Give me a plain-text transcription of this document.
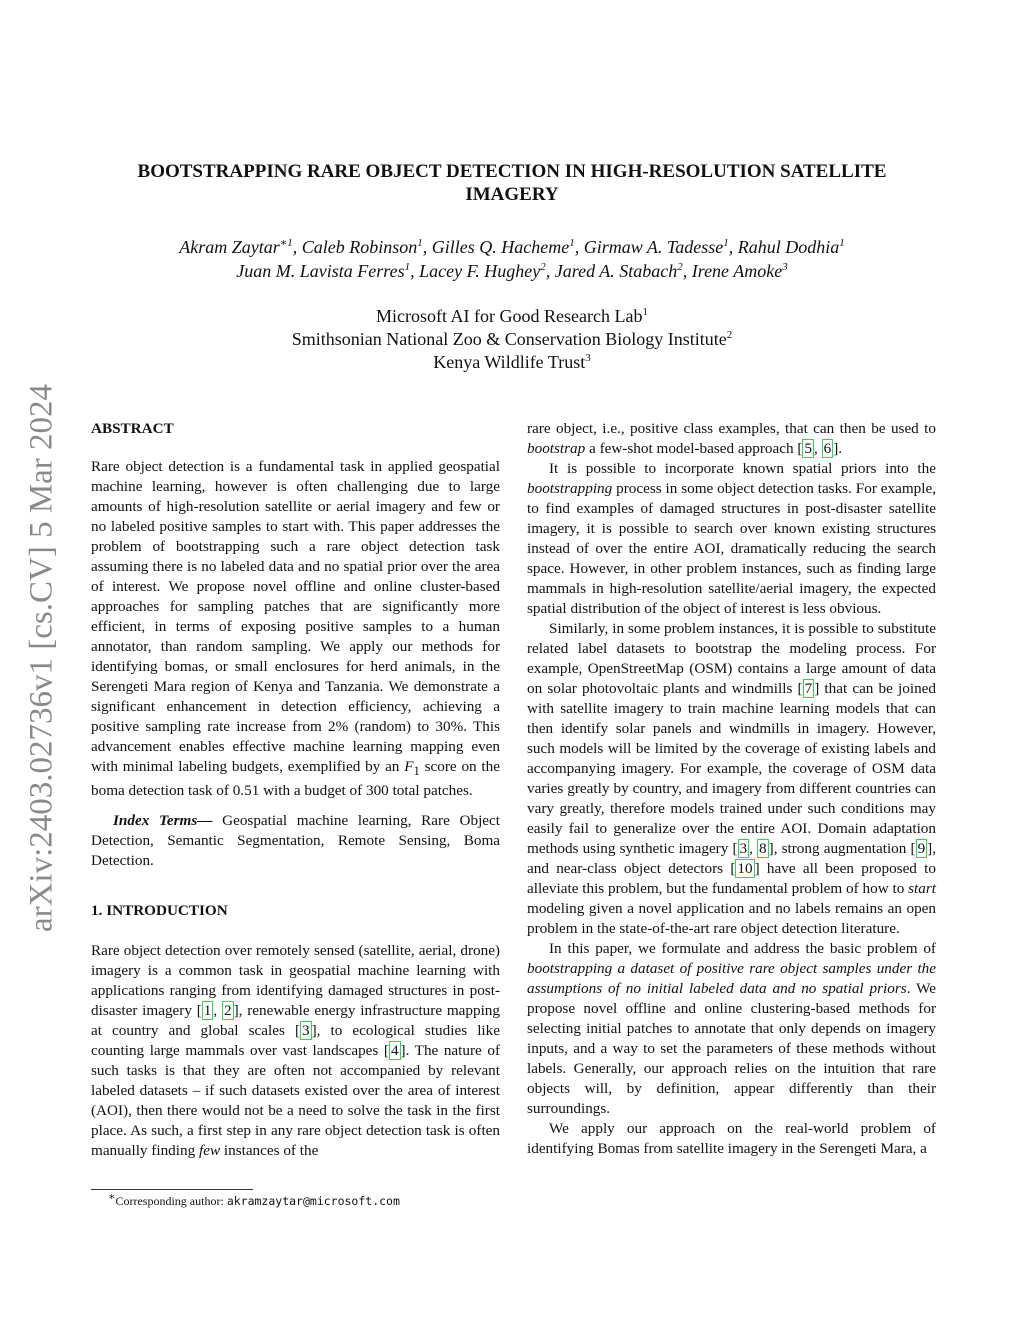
arXiv:2403.02736v1 [cs.CV] 5 Mar 2024
BOOTSTRAPPING RARE OBJECT DETECTION IN HIGH-RESOLUTION SATELLITE
IMAGERY
Akram Zaytar$^{∗1}$, Caleb Robinson$^1$, Gilles Q. Hacheme$^1$, Girmaw A. Tadesse$^1$, Rahul Dodhia$^1$
Juan M. Lavista Ferres$^1$, Lacey F. Hughey$^2$, Jared A. Stabach$^2$, Irene Amoke$^3$
Microsoft AI for Good Research Lab$^1$
Smithsonian National Zoo & Conservation Biology Institute$^2$
Kenya Wildlife Trust$^3$

ABSTRACT

Rare object detection is a fundamental task in applied geospatial machine learning, however is often challenging due to large amounts of high-resolution satellite or aerial imagery and few or no labeled positive samples to start with. This paper addresses the problem of bootstrapping such a rare object detection task assuming there is no labeled data and no spatial prior over the area of interest. We propose novel offline and online cluster-based approaches for sampling patches that are significantly more efficient, in terms of exposing positive samples to a human annotator, than random sampling. We apply our methods for identifying bomas, or small enclosures for herd animals, in the Serengeti Mara region of Kenya and Tanzania. We demonstrate a significant enhancement in detection efficiency, achieving a positive sampling rate increase from 2% (random) to 30%. This advancement enables effective machine learning mapping even with minimal labeling budgets, exemplified by an $F_1$ score on the boma detection task of 0.51 with a budget of 300 total patches.

Index Terms— Geospatial machine learning, Rare Object Detection, Semantic Segmentation, Remote Sensing, Boma Detection.

1. INTRODUCTION

Rare object detection over remotely sensed (satellite, aerial, drone) imagery is a common task in geospatial machine learning with applications ranging from identifying damaged structures in post-disaster imagery [ 1 , 2 ], renewable energy infrastructure mapping at country and global scales [ 3 ], to ecological studies like counting large mammals over vast landscapes [ 4 ]. The nature of such tasks is that they are often not accompanied by relevant labeled datasets – if such datasets existed over the area of interest (AOI), then there would not be a need to solve the task in the first place. As such, a first step in any rare object detection task is often manually finding few instances of the

rare object, i.e., positive class examples, that can then be used to bootstrap a few-shot model-based approach [ 5 , 6 ].

It is possible to incorporate known spatial priors into the bootstrapping process in some object detection tasks. For example, to find examples of damaged structures in post-disaster satellite imagery, it is possible to search over known existing structures instead of over the entire AOI, dramatically reducing the search space. However, in other problem instances, such as finding large mammals in high-resolution satellite/aerial imagery, the expected spatial distribution of the object of interest is less obvious.

Similarly, in some problem instances, it is possible to substitute related label datasets to bootstrap the modeling process. For example, OpenStreetMap (OSM) contains a large amount of data on solar photovoltaic plants and windmills [ 7 ] that can be joined with satellite imagery to train machine learning models that can then identify solar panels and windmills in imagery. However, such models will be limited by the coverage of existing labels and accompanying imagery. For example, the coverage of OSM data varies greatly by country, and imagery from different countries can vary greatly, therefore models trained under such conditions may easily fail to generalize over the entire AOI. Domain adaptation methods using synthetic imagery [ 3 , 8 ], strong augmentation [ 9 ], and near-class object detectors [ 10 ] have all been proposed to alleviate this problem, but the fundamental problem of how to start modeling given a novel application and no labels remains an open problem in the state-of-the-art rare object detection literature.

In this paper, we formulate and address the basic problem of bootstrapping a dataset of positive rare object samples under the assumptions of no initial labeled data and no spatial priors. We propose novel offline and online clustering-based methods for selecting initial patches to annotate that only depends on imagery inputs, and a way to set the parameters of these methods without labels. Generally, our approach relies on the intuition that rare objects will, by definition, appear differently than their surroundings.

We apply our approach on the real-world problem of identifying Bomas from satellite imagery in the Serengeti Mara, a

∗Corresponding author: akramzaytar@microsoft.com
